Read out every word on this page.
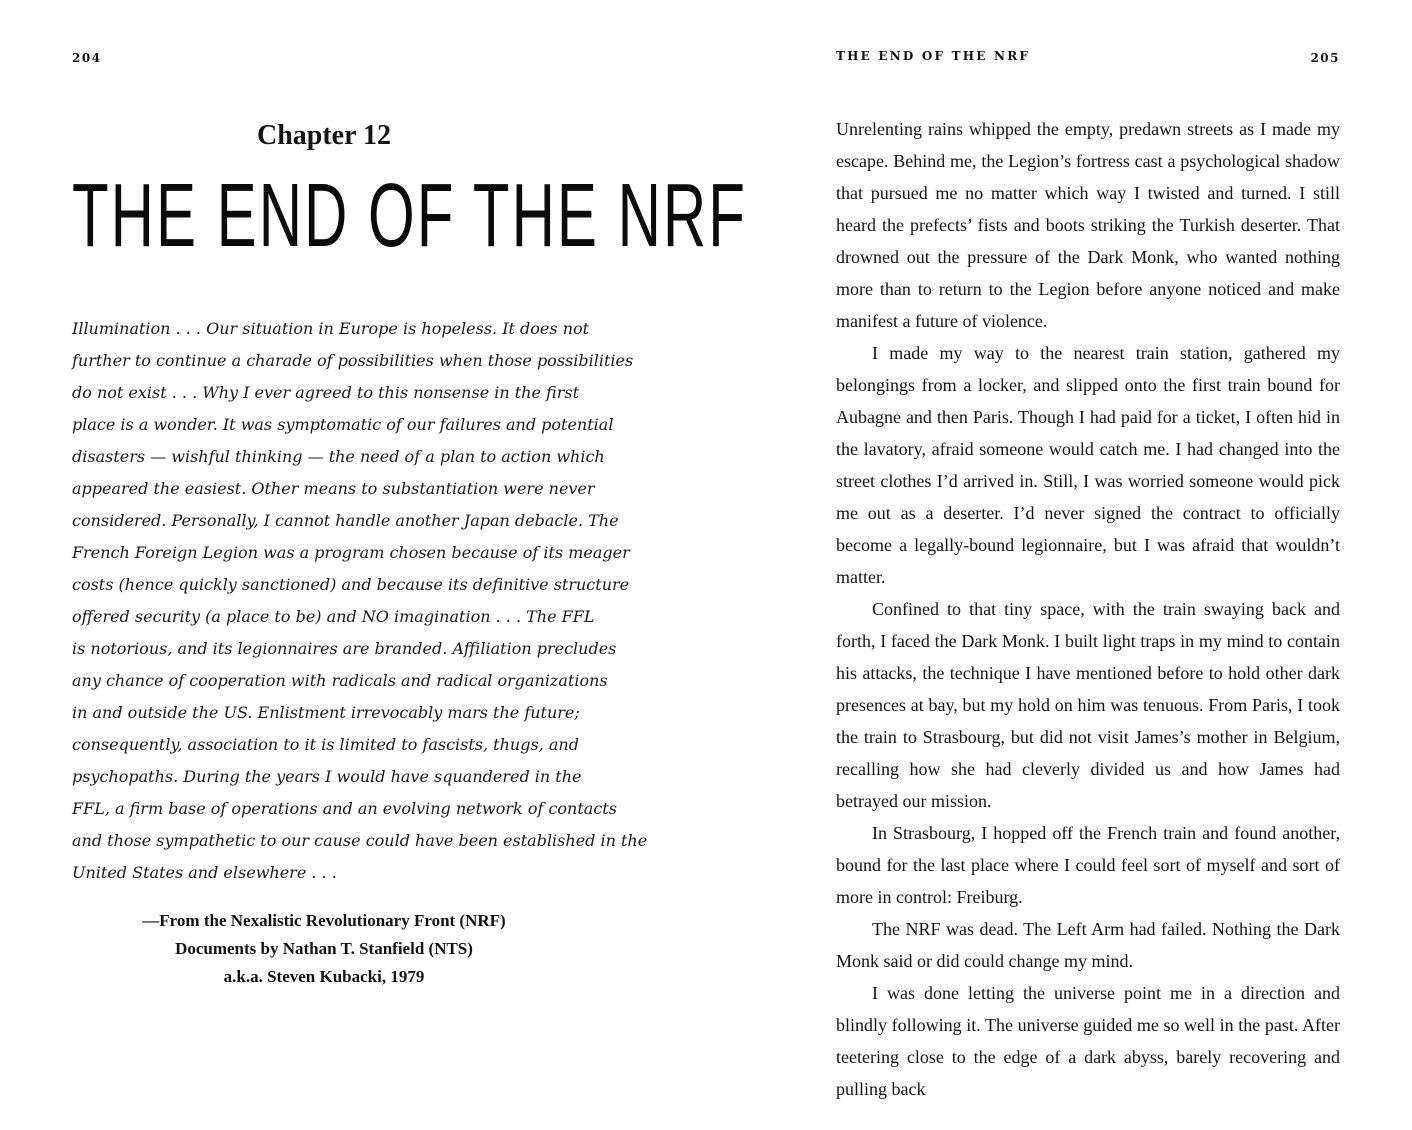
204
Chapter 12
THE END OF THE NRF
Illumination . . . Our situation in Europe is hopeless. It does not
further to continue a charade of possibilities when those possibilities
do not exist . . . Why I ever agreed to this nonsense in the first
place is a wonder. It was symptomatic of our failures and potential
disasters — wishful thinking — the need of a plan to action which
appeared the easiest. Other means to substantiation were never
considered. Personally, I cannot handle another Japan debacle. The
French Foreign Legion was a program chosen because of its meager
costs (hence quickly sanctioned) and because its definitive structure
offered security (a place to be) and NO imagination . . . The FFL
is notorious, and its legionnaires are branded. Affiliation precludes
any chance of cooperation with radicals and radical organizations
in and outside the US. Enlistment irrevocably mars the future;
consequently, association to it is limited to fascists, thugs, and
psychopaths. During the years I would have squandered in the
FFL, a firm base of operations and an evolving network of contacts
and those sympathetic to our cause could have been established in the
United States and elsewhere . . .
—From the Nexalistic Revolutionary Front (NRF)
Documents by Nathan T. Stanfield (NTS)
a.k.a. Steven Kubacki, 1979
THE END OF THE NRF	205

Unrelenting rains whipped the empty, predawn streets as I made my escape. Behind me, the Legion’s fortress cast a psychological shadow that pursued me no matter which way I twisted and turned. I still heard the prefects’ fists and boots striking the Turkish deserter. That drowned out the pressure of the Dark Monk, who wanted nothing more than to return to the Legion before anyone noticed and make manifest a future of violence.

I made my way to the nearest train station, gathered my belongings from a locker, and slipped onto the first train bound for Aubagne and then Paris. Though I had paid for a ticket, I often hid in the lavatory, afraid someone would catch me. I had changed into the street clothes I’d arrived in. Still, I was worried someone would pick me out as a deserter. I’d never signed the contract to officially become a legally-bound legionnaire, but I was afraid that wouldn’t matter.

Confined to that tiny space, with the train swaying back and forth, I faced the Dark Monk. I built light traps in my mind to contain his attacks, the technique I have mentioned before to hold other dark presences at bay, but my hold on him was tenuous. From Paris, I took the train to Strasbourg, but did not visit James’s mother in Belgium, recalling how she had cleverly divided us and how James had betrayed our mission.

In Strasbourg, I hopped off the French train and found another, bound for the last place where I could feel sort of myself and sort of more in control: Freiburg.

The NRF was dead. The Left Arm had failed. Nothing the Dark Monk said or did could change my mind.

I was done letting the universe point me in a direction and blindly following it. The universe guided me so well in the past. After teetering close to the edge of a dark abyss, barely recovering and pulling back
